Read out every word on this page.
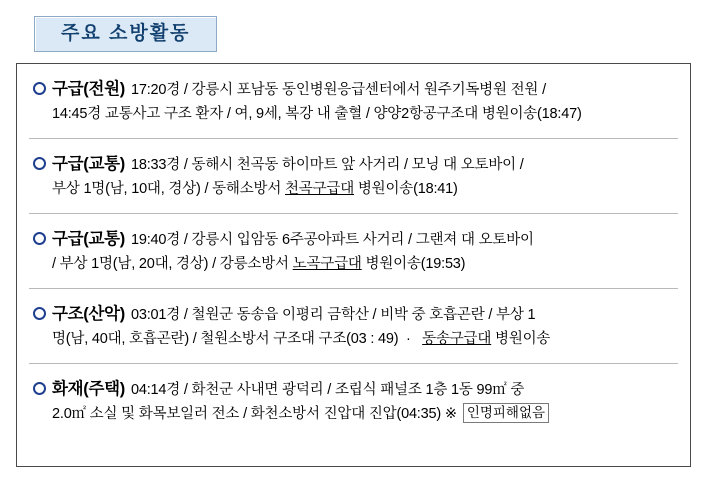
주요 소방활동
구급(전원) 17:20경 / 강릉시 포남동 동인병원응급센터에서 원주기독병원 전원 /
14:45경 교통사고 구조 환자 / 여, 9세, 복강 내 출혈 / 양양2항공구조대 병원이송(18:47)
구급(교통) 18:33경 / 동해시 천곡동 하이마트 앞 사거리 / 모닝 대 오토바이 /
부상 1명(남, 10대, 경상) / 동해소방서 천곡구급대 병원이송(18:41)
구급(교통) 19:40경 / 강릉시 입암동 6주공아파트 사거리 / 그랜져 대 오토바이
/ 부상 1명(남, 20대, 경상) / 강릉소방서 노곡구급대 병원이송(19:53)
구조(산악) 03:01경 / 철원군 동송읍 이평리 금학산 / 비박 중 호흡곤란 / 부상 1
명(남, 40대, 호흡곤란) / 철원소방서 구조대 구조(03 : 49)  ·   동송구급대 병원이송
화재(주택) 04:14경 / 화천군 사내면 광덕리 / 조립식 패널조 1층 1동 99㎡ 중
2.0㎡ 소실 및 화목보일러 전소 / 화천소방서 진압대 진압(04:35) ※ 인명피해없음
